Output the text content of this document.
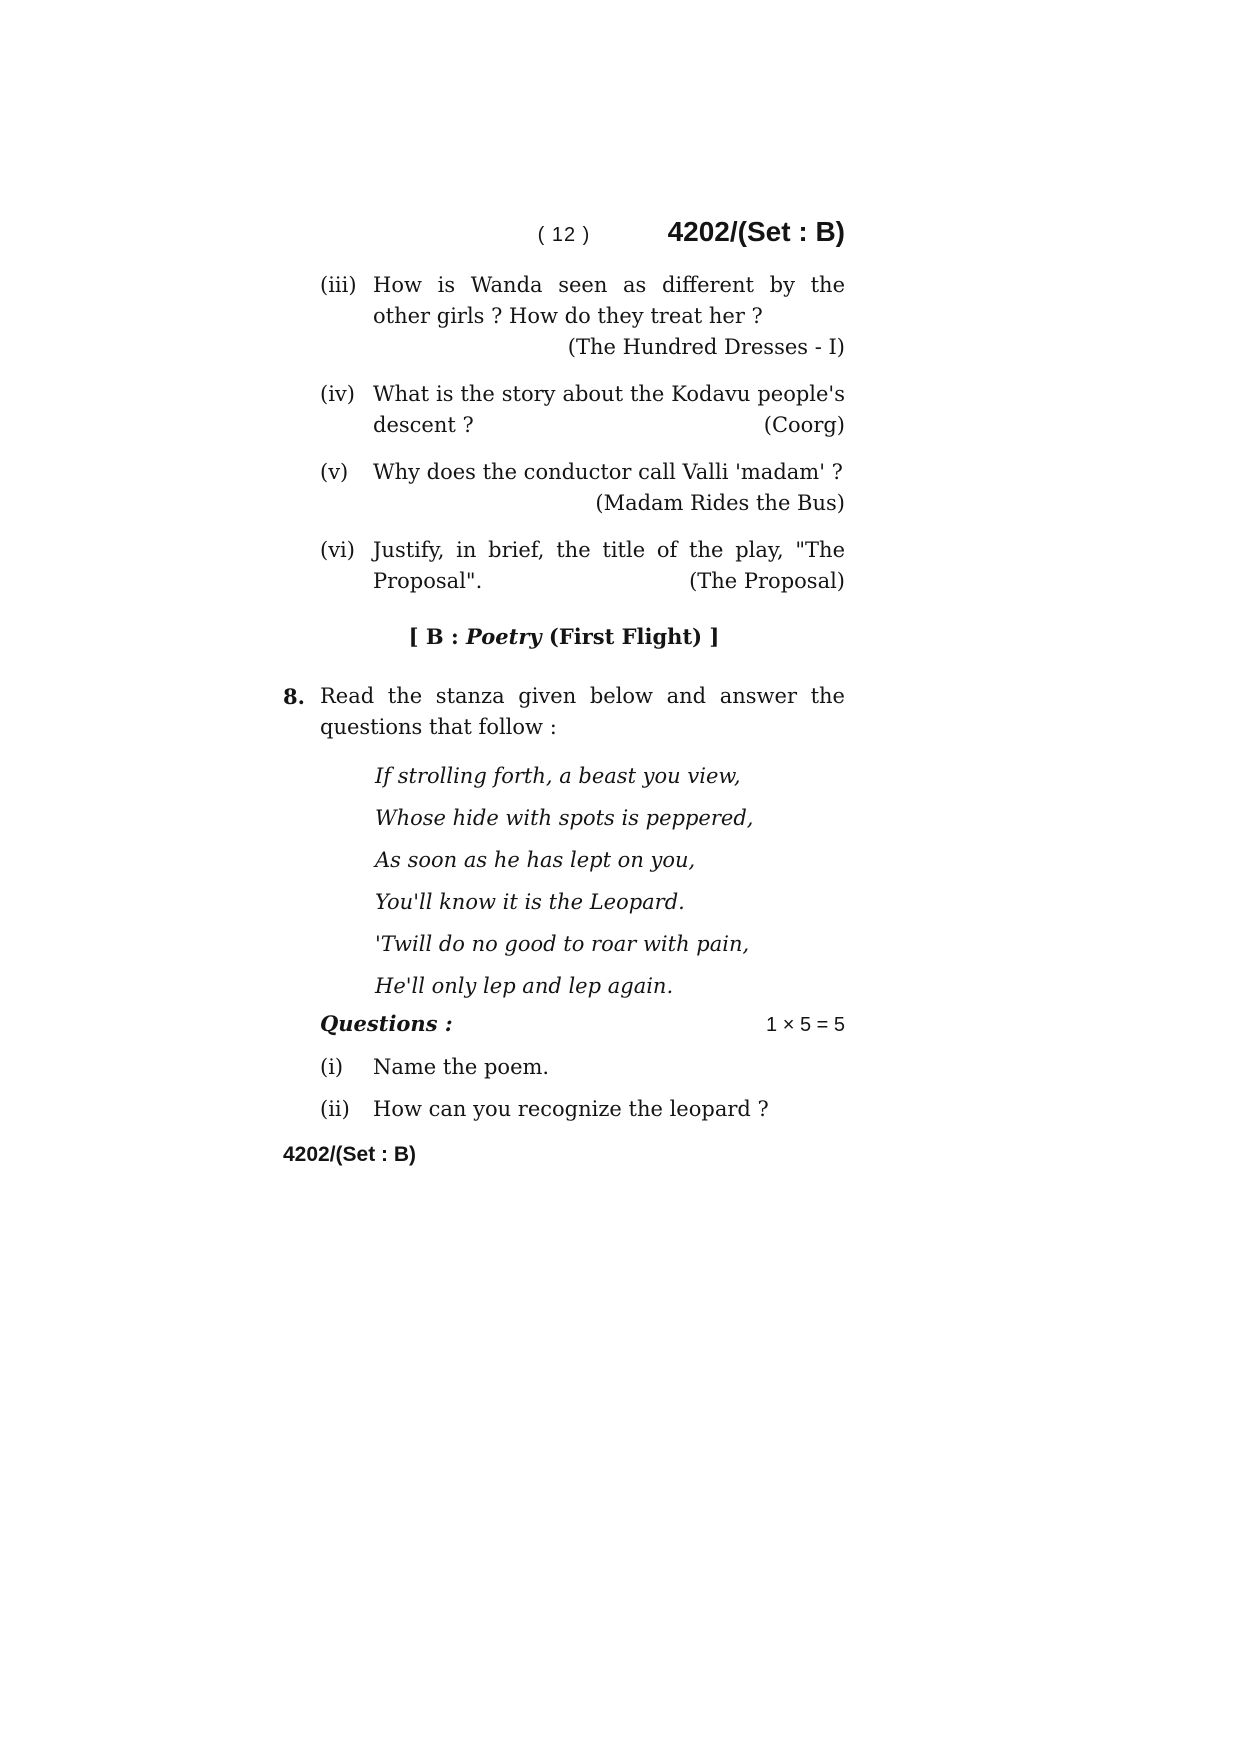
( 12 )	4202/(Set : B)
(iii) How is Wanda seen as different by the other girls ? How do they treat her ?
(The Hundred Dresses - I)
(iv) What is the story about the Kodavu people's descent ?	(Coorg)
(v)	Why does the conductor call Valli 'madam' ?
(Madam Rides the Bus)
(vi) Justify, in brief, the title of the play, "The Proposal".	(The Proposal)
[ B : Poetry (First Flight) ]
8. Read the stanza given below and answer the questions that follow :
If strolling forth, a beast you view,
Whose hide with spots is peppered,
As soon as he has lept on you,
You'll know it is the Leopard.
'Twill do no good to roar with pain,
He'll only lep and lep again.
Questions :	1 × 5 = 5
(i)	Name the poem.
(ii)	How can you recognize the leopard ?
4202/(Set : B)
